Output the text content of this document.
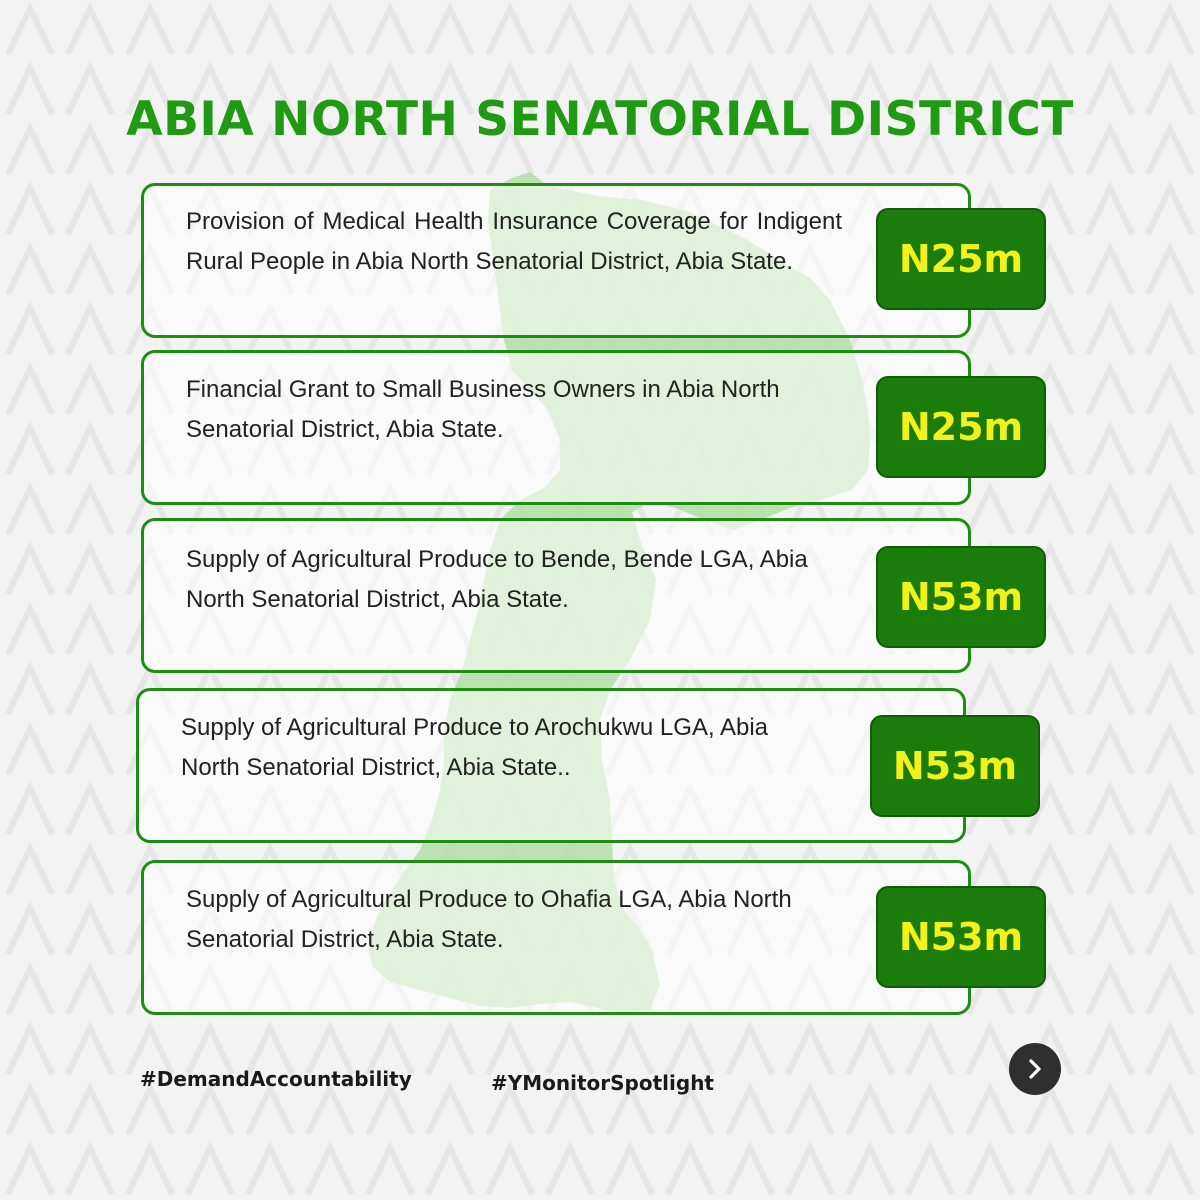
ABIA NORTH SENATORIAL DISTRICT

Provision of Medical Health Insurance Coverage for Indigent Rural People in Abia North Senatorial District, Abia State.	N25m

Financial Grant to Small Business Owners in Abia North Senatorial District, Abia State.	N25m

Supply of Agricultural Produce to Bende, Bende LGA, Abia North Senatorial District, Abia State.	N53m

Supply of Agricultural Produce to Arochukwu LGA, Abia North Senatorial District, Abia State..	N53m

Supply of Agricultural Produce to Ohafia LGA, Abia North Senatorial District, Abia State.	N53m
#DemandAccountability	#YMonitorSpotlight
